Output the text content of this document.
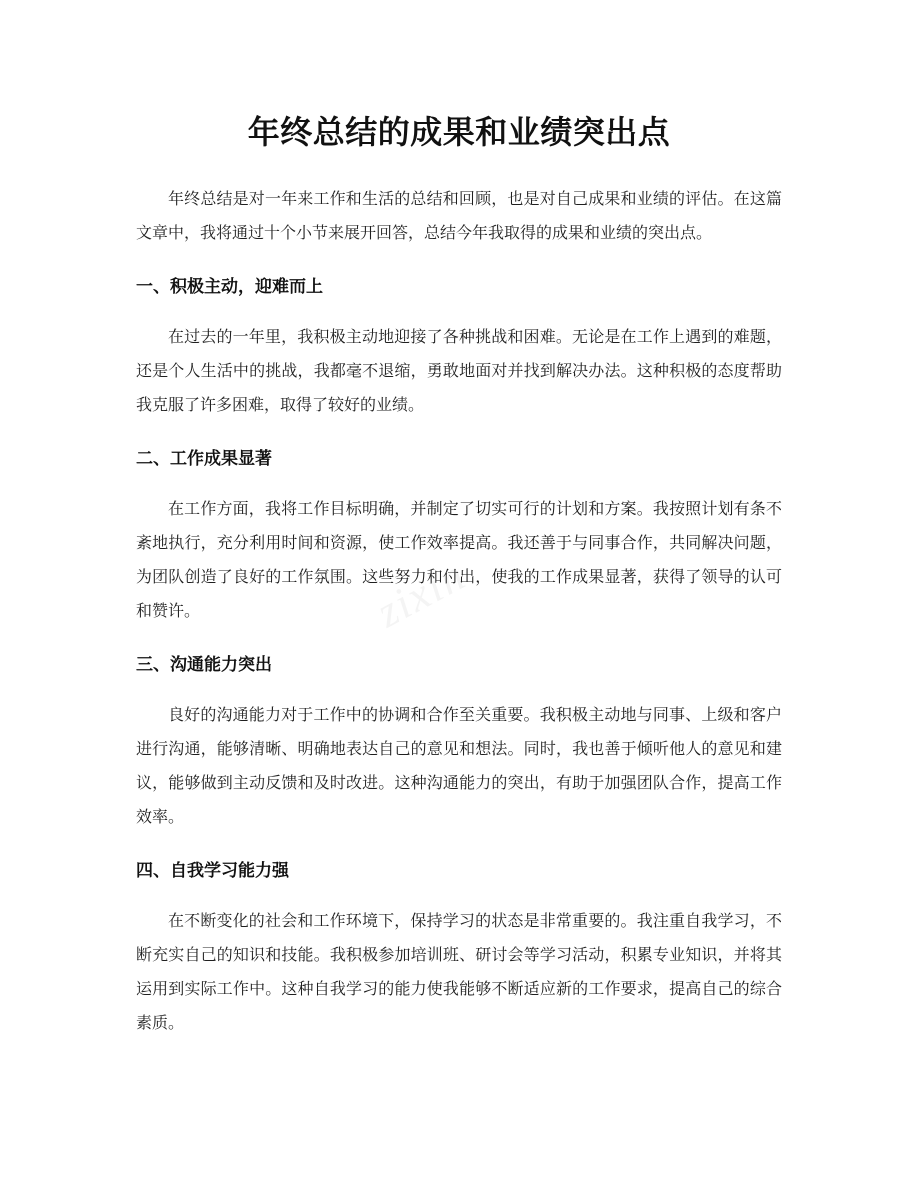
年终总结的成果和业绩突出点

年终总结是对一年来工作和生活的总结和回顾，也是对自己成果和业绩的评估。在这篇文章中，我将通过十个小节来展开回答，总结今年我取得的成果和业绩的突出点。

一、积极主动，迎难而上

在过去的一年里，我积极主动地迎接了各种挑战和困难。无论是在工作上遇到的难题，还是个人生活中的挑战，我都毫不退缩，勇敢地面对并找到解决办法。这种积极的态度帮助我克服了许多困难，取得了较好的业绩。

二、工作成果显著

在工作方面，我将工作目标明确，并制定了切实可行的计划和方案。我按照计划有条不紊地执行，充分利用时间和资源，使工作效率提高。我还善于与同事合作，共同解决问题，为团队创造了良好的工作氛围。这些努力和付出，使我的工作成果显著，获得了领导的认可和赞许。

三、沟通能力突出

良好的沟通能力对于工作中的协调和合作至关重要。我积极主动地与同事、上级和客户进行沟通，能够清晰、明确地表达自己的意见和想法。同时，我也善于倾听他人的意见和建议，能够做到主动反馈和及时改进。这种沟通能力的突出，有助于加强团队合作，提高工作效率。

四、自我学习能力强

在不断变化的社会和工作环境下，保持学习的状态是非常重要的。我注重自我学习，不断充实自己的知识和技能。我积极参加培训班、研讨会等学习活动，积累专业知识，并将其运用到实际工作中。这种自我学习的能力使我能够不断适应新的工作要求，提高自己的综合素质。

zixin
